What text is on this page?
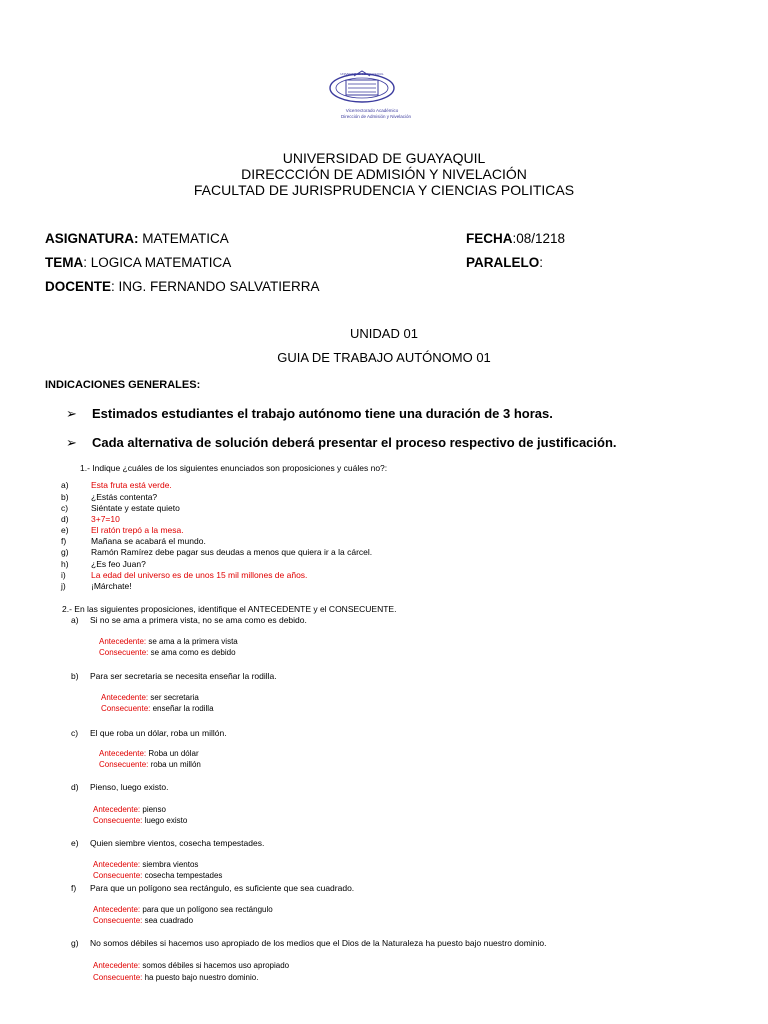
UNIVERSIDAD DE GUAYAQUIL
Vicerrectorado Académico
Dirección de Admisión y Nivelación
UNIVERSIDAD DE GUAYAQUIL
DIRECCCIÓN DE ADMISIÓN Y NIVELACIÓN
FACULTAD DE JURISPRUDENCIA Y CIENCIAS POLITICAS
ASIGNATURA: MATEMATICA	FECHA:08/1218
TEMA: LOGICA MATEMATICA	PARALELO:
DOCENTE: ING. FERNANDO SALVATIERRA
UNIDAD 01
GUIA DE TRABAJO AUTÓNOMO 01
INDICACIONES GENERALES:
➢ Estimados estudiantes el trabajo autónomo tiene una duración de 3 horas.
➢ Cada alternativa de solución deberá presentar el proceso respectivo de justificación.
1.- Indique ¿cuáles de los siguientes enunciados son proposiciones y cuáles no?:
a)	Esta fruta está verde.
b)	¿Estás contenta?
c)	Siéntate y estate quieto
d)	3+7=10
e)	El ratón trepó a la mesa.
f)	Mañana se acabará el mundo.
g)	Ramón Ramírez debe pagar sus deudas a menos que quiera ir a la cárcel.
h)	¿Es feo Juan?
i)	La edad del universo es de unos 15 mil millones de años.
j)	¡Márchate!
2.- En las siguientes proposiciones, identifique el ANTECEDENTE y el CONSECUENTE.
a) Si no se ama a primera vista, no se ama como es debido.
Antecedente: se ama a la primera vista
Consecuente: se ama como es debido
b) Para ser secretaria se necesita enseñar la rodilla.
Antecedente: ser secretaria
Consecuente: enseñar la rodilla
c) El que roba un dólar, roba un millón.
Antecedente: Roba un dólar
Consecuente: roba un millón
d) Pienso, luego existo.
Antecedente: pienso
Consecuente: luego existo
e) Quien siembre vientos, cosecha tempestades.
Antecedente: siembra vientos
Consecuente: cosecha tempestades
f) Para que un polígono sea rectángulo, es suficiente que sea cuadrado.
Antecedente: para que un polígono sea rectángulo
Consecuente: sea cuadrado
g) No somos débiles si hacemos uso apropiado de los medios que el Dios de la Naturaleza ha puesto bajo nuestro dominio.
Antecedente: somos débiles si hacemos uso apropiado
Consecuente: ha puesto bajo nuestro dominio.
